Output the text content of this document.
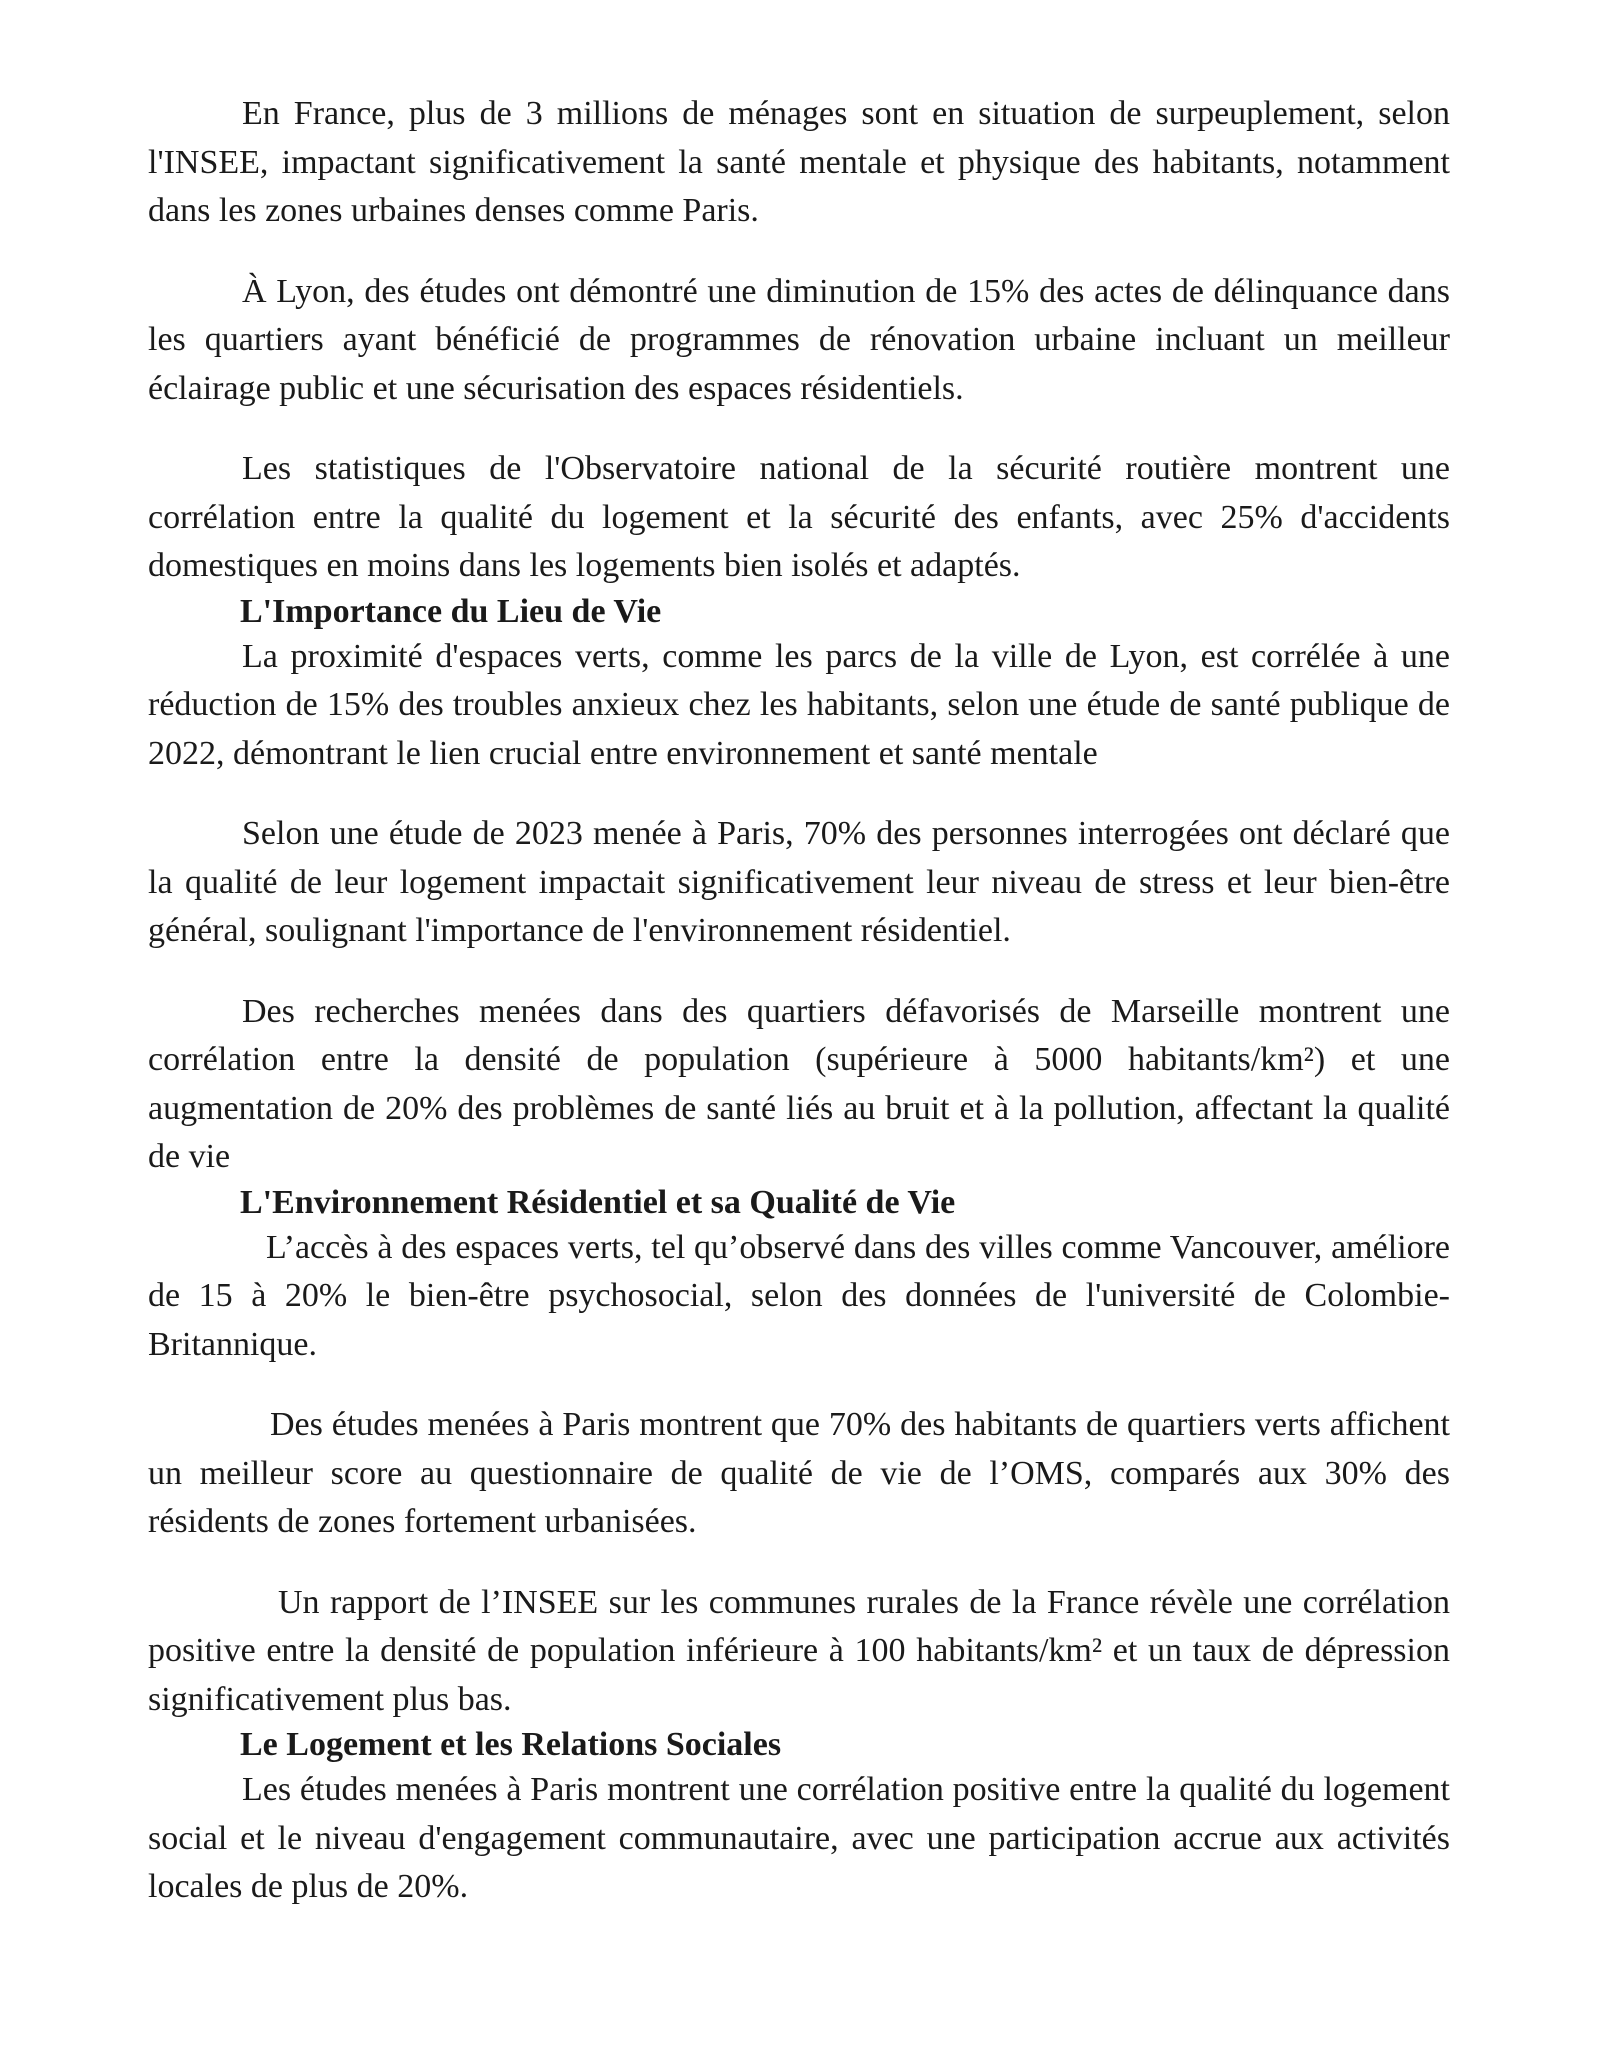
En France, plus de 3 millions de ménages sont en situation de surpeuplement, selon l'INSEE, impactant significativement la santé mentale et physique des habitants, notamment dans les zones urbaines denses comme Paris.

À Lyon, des études ont démontré une diminution de 15% des actes de délinquance dans les quartiers ayant bénéficié de programmes de rénovation urbaine incluant un meilleur éclairage public et une sécurisation des espaces résidentiels.

Les statistiques de l'Observatoire national de la sécurité routière montrent une corrélation entre la qualité du logement et la sécurité des enfants, avec 25% d'accidents domestiques en moins dans les logements bien isolés et adaptés.

L'Importance du Lieu de Vie

La proximité d'espaces verts, comme les parcs de la ville de Lyon, est corrélée à une réduction de 15% des troubles anxieux chez les habitants, selon une étude de santé publique de 2022, démontrant le lien crucial entre environnement et santé mentale

Selon une étude de 2023 menée à Paris, 70% des personnes interrogées ont déclaré que la qualité de leur logement impactait significativement leur niveau de stress et leur bien-être général, soulignant l'importance de l'environnement résidentiel.

Des recherches menées dans des quartiers défavorisés de Marseille montrent une corrélation entre la densité de population (supérieure à 5000 habitants/km²) et une augmentation de 20% des problèmes de santé liés au bruit et à la pollution, affectant la qualité de vie

L'Environnement Résidentiel et sa Qualité de Vie

L’accès à des espaces verts, tel qu’observé dans des villes comme Vancouver, améliore de 15 à 20% le bien-être psychosocial, selon des données de l'université de Colombie-Britannique.

Des études menées à Paris montrent que 70% des habitants de quartiers verts affichent un meilleur score au questionnaire de qualité de vie de l’OMS, comparés aux 30% des résidents de zones fortement urbanisées.

Un rapport de l’INSEE sur les communes rurales de la France révèle une corrélation positive entre la densité de population inférieure à 100 habitants/km² et un taux de dépression significativement plus bas.

Le Logement et les Relations Sociales

Les études menées à Paris montrent une corrélation positive entre la qualité du logement social et le niveau d'engagement communautaire, avec une participation accrue aux activités locales de plus de 20%.
